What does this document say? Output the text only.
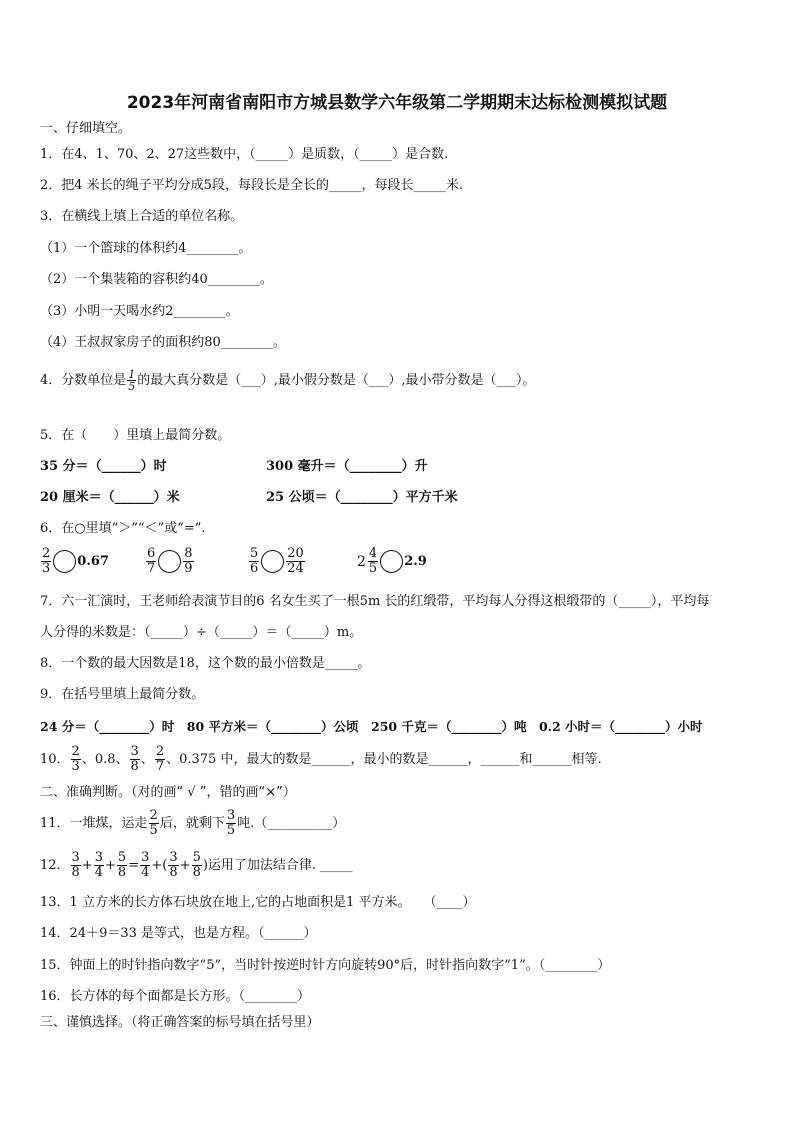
2023年河南省南阳市方城县数学六年级第二学期期末达标检测模拟试题
一、仔细填空。
1．在4、1、70、2、27这些数中，（_____）是质数，（_____）是合数.
2．把4 米长的绳子平均分成5段，每段长是全长的_____，每段长_____米.
3．在横线上填上合适的单位名称。
（1）一个篮球的体积约4________。
（2）一个集装箱的容积约40________。
（3）小明一天喝水约2________。
（4）王叔叔家房子的面积约80________。
4．分数单位是 $\frac{1}{5}$ 的最大真分数是（___）,最小假分数是（___）,最小带分数是（___）。
5．在（　　）里填上最简分数。
35 分＝（______）时	300 毫升＝（________）升
20 厘米＝（______）米	25 公顷＝（________）平方千米
6．在○里填“＞”“＜”或“=”.
$\frac{2}{3} 0.67$	$\frac{6}{7} \frac{8}{9}$	$\frac{5}{6} \frac{20}{24}$	$2 \frac{4}{5} 2.9$
7．六一汇演时，王老师给表演节目的6 名女生买了一根5m 长的红缎带，平均每人分得这根缎带的（_____），平均每
人分得的米数是：（_____）÷（_____）＝（_____）m。
8．一个数的最大因数是18，这个数的最小倍数是_____。
9．在括号里填上最简分数。
24 分＝（________）时　80 平方米＝（________）公顷　250 千克＝（________）吨　0.2 小时＝（________）小时
10． $\frac{2}{3}$ 、0.8、 $\frac{3}{8}$ 、 $\frac{2}{7}$ 、0.375 中，最大的数是______，最小的数是______，______和______相等.
二、准确判断。（对的画“ √ ”，错的画“×”）
11．一堆煤，运走 $\frac{2}{5}$ 后，就剩下 $\frac{3}{5}$ 吨.（__________）
12． $\frac{3}{8} + \frac{3}{4} + \frac{5}{8} = \frac{3}{4}$ +( $\frac{3}{8} + \frac{5}{8}$ )运用了加法结合律. _____
13．1 立方米的长方体石块放在地上,它的占地面积是1 平方米。　　（____）
14．24＋9＝33 是等式，也是方程。（______）
15．钟面上的时针指向数字“5”，当时针按逆时针方向旋转90°后，时针指向数字“1”。（________）
16．长方体的每个面都是长方形。（________）
三、谨慎选择。（将正确答案的标号填在括号里）
